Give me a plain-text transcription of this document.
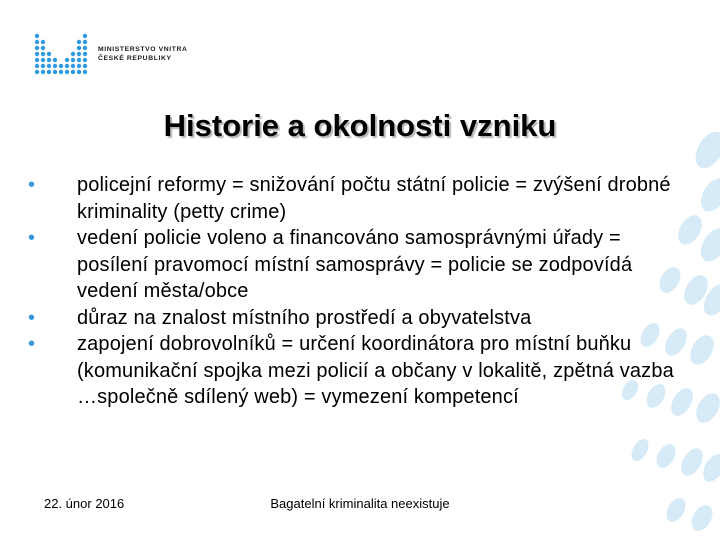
MINISTERSTVO VNITRA
ČESKÉ REPUBLIKY
Historie a okolnosti vzniku
•	policejní reformy = snižování počtu státní policie = zvýšení drobné kriminality (petty crime)
•	vedení policie voleno a financováno samosprávnými úřady = posílení pravomocí místní samosprávy = policie se zodpovídá vedení města/obce
•	důraz na znalost místního prostředí a obyvatelstva
•	zapojení dobrovolníků = určení koordinátora pro místní buňku (komunikační spojka mezi policií a občany v lokalitě, zpětná vazba …společně sdílený web) = vymezení kompetencí
22. únor 2016	Bagatelní kriminalita neexistuje
